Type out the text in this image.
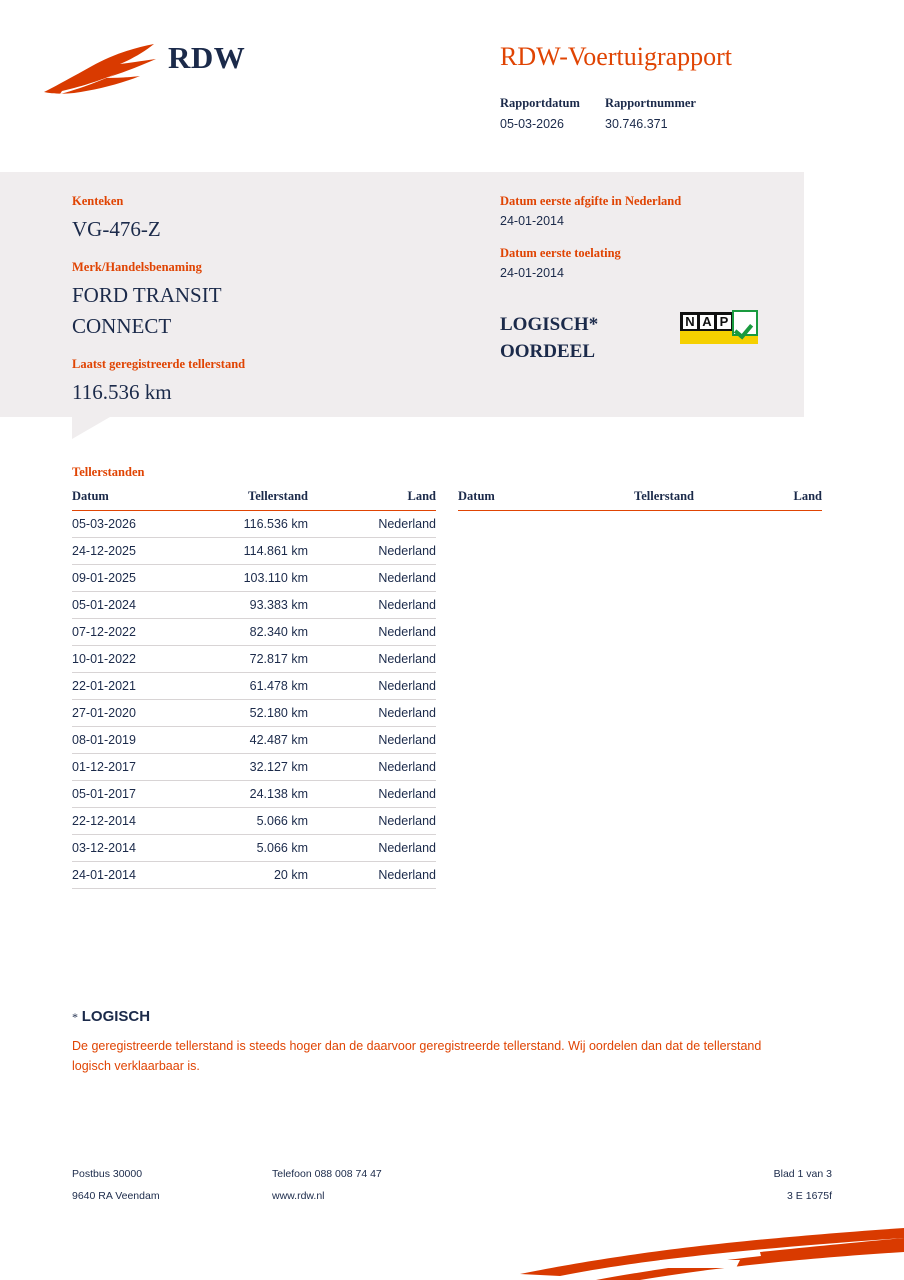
RDW	RDW-Voertuigrapport
Rapportdatum
05-03-2026
Rapportnummer
30.746.371
Kenteken
VG-476-Z
Merk/Handelsbenaming
FORD TRANSIT CONNECT
Laatst geregistreerde tellerstand
116.536 km
Datum eerste afgifte in Nederland
24-01-2014
Datum eerste toelating
24-01-2014
LOGISCH*
OORDEEL
N A P
Tellerstanden
Datum	Tellerstand	Land
05-03-2026	116.536 km	Nederland
24-12-2025	114.861 km	Nederland
09-01-2025	103.110 km	Nederland
05-01-2024	93.383 km	Nederland
07-12-2022	82.340 km	Nederland
10-01-2022	72.817 km	Nederland
22-01-2021	61.478 km	Nederland
27-01-2020	52.180 km	Nederland
08-01-2019	42.487 km	Nederland
01-12-2017	32.127 km	Nederland
05-01-2017	24.138 km	Nederland
22-12-2014	5.066 km	Nederland
03-12-2014	5.066 km	Nederland
24-01-2014	20 km	Nederland
Datum	Tellerstand	Land
* LOGISCH
De geregistreerde tellerstand is steeds hoger dan de daarvoor geregistreerde tellerstand. Wij oordelen dan dat de tellerstand logisch verklaarbaar is.
Postbus 30000	Telefoon 088 008 74 47	Blad 1 van 3
9640 RA Veendam	www.rdw.nl	3 E 1675f
